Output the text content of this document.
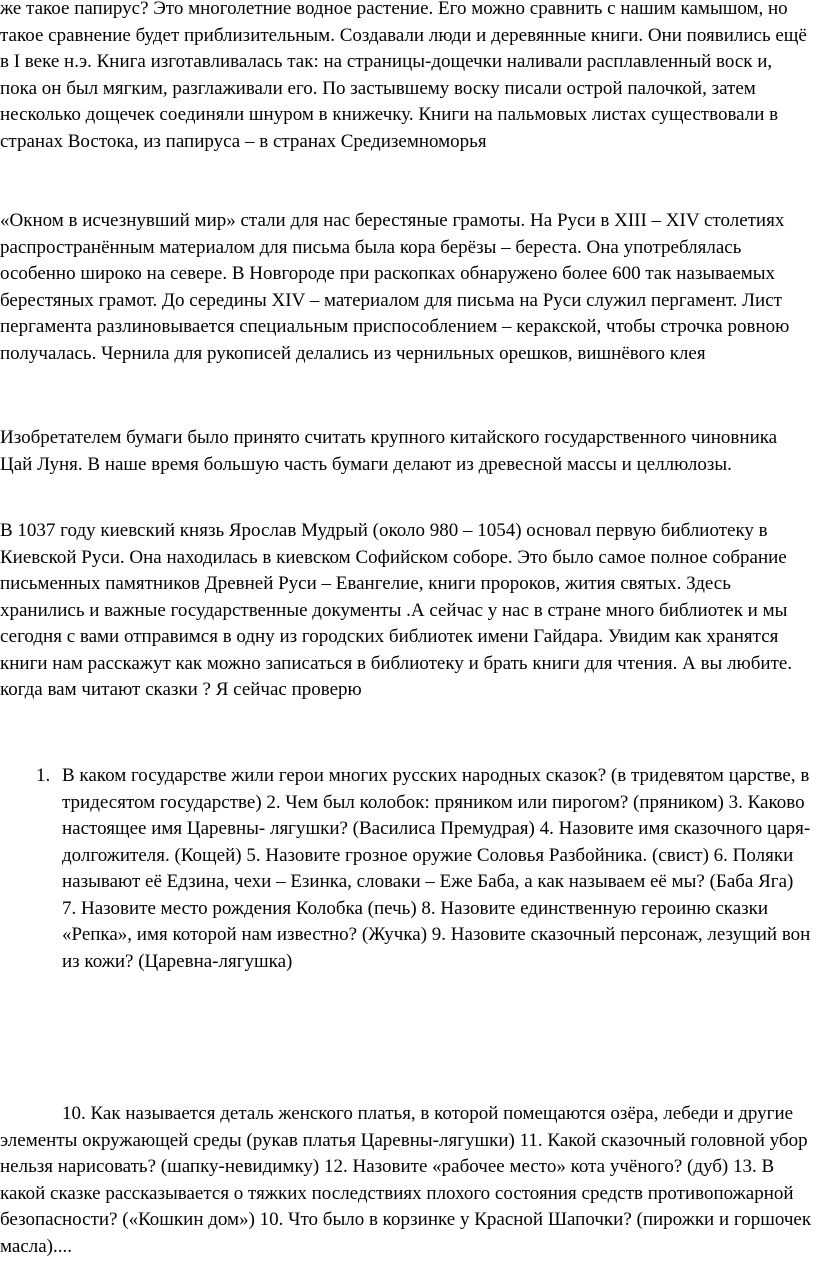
же такое папирус? Это многолетние водное растение. Его можно сравнить с нашим камышом, но такое сравнение будет приблизительным. Создавали люди и деревянные книги. Они появились ещё в I веке н.э. Книга изготавливалась так: на страницы-дощечки наливали расплавленный воск и, пока он был мягким, разглаживали его. По застывшему воску писали острой палочкой, затем несколько дощечек соединяли шнуром в книжечку. Книги на пальмовых листах существовали в странах Востока, из папируса – в странах Средиземноморья

«Окном в исчезнувший мир» стали для нас берестяные грамоты. На Руси в XIII – XIV столетиях распространённым материалом для письма была кора берёзы – береста. Она употреблялась особенно широко на севере. В Новгороде при раскопках обнаружено более 600 так называемых берестяных грамот. До середины XIV – материалом для письма на Руси служил пергамент. Лист пергамента разлиновывается специальным приспособлением – керакской, чтобы строчка ровною получалась. Чернила для рукописей делались из чернильных орешков, вишнёвого клея

Изобретателем бумаги было принято считать крупного китайского государственного чиновника Цай Луня. В наше время большую часть бумаги делают из древесной массы и целлюлозы.

В 1037 году киевский князь Ярослав Мудрый (около 980 – 1054) основал первую библиотеку в Киевской Руси. Она находилась в киевском Софийском соборе. Это было самое полное собрание письменных памятников Древней Руси – Евангелие, книги пророков, жития святых. Здесь хранились и важные государственные документы .А сейчас у нас в стране много библиотек и мы сегодня с вами отправимся в одну из городских библиотек имени Гайдара. Увидим как хранятся книги нам расскажут как можно записаться в библиотеку и брать книги для чтения. А вы любите. когда вам читают сказки ? Я сейчас проверю

1. В каком государстве жили герои многих русских народных сказок? (в тридевятом царстве, в тридесятом государстве) 2. Чем был колобок: пряником или пирогом? (пряником) 3. Каково настоящее имя Царевны- лягушки? (Василиса Премудрая) 4. Назовите имя сказочного царя-долгожителя. (Кощей) 5. Назовите грозное оружие Соловья Разбойника. (свист) 6. Поляки называют её Едзина, чехи – Езинка, словаки – Еже Баба, а как называем её мы? (Баба Яга) 7. Назовите место рождения Колобка (печь) 8. Назовите единственную героиню сказки «Репка», имя которой нам известно? (Жучка) 9. Назовите сказочный персонаж, лезущий вон из кожи? (Царевна-лягушка)

10. Как называется деталь женского платья, в которой помещаются озёра, лебеди и другие элементы окружающей среды (рукав платья Царевны-лягушки) 11. Какой сказочный головной убор нельзя нарисовать? (шапку-невидимку) 12. Назовите «рабочее место» кота учёного? (дуб) 13. В какой сказке рассказывается о тяжких последствиях плохого состояния средств противопожарной безопасности? («Кошкин дом») 10. Что было в корзинке у Красной Шапочки? (пирожки и горшочек масла)....
